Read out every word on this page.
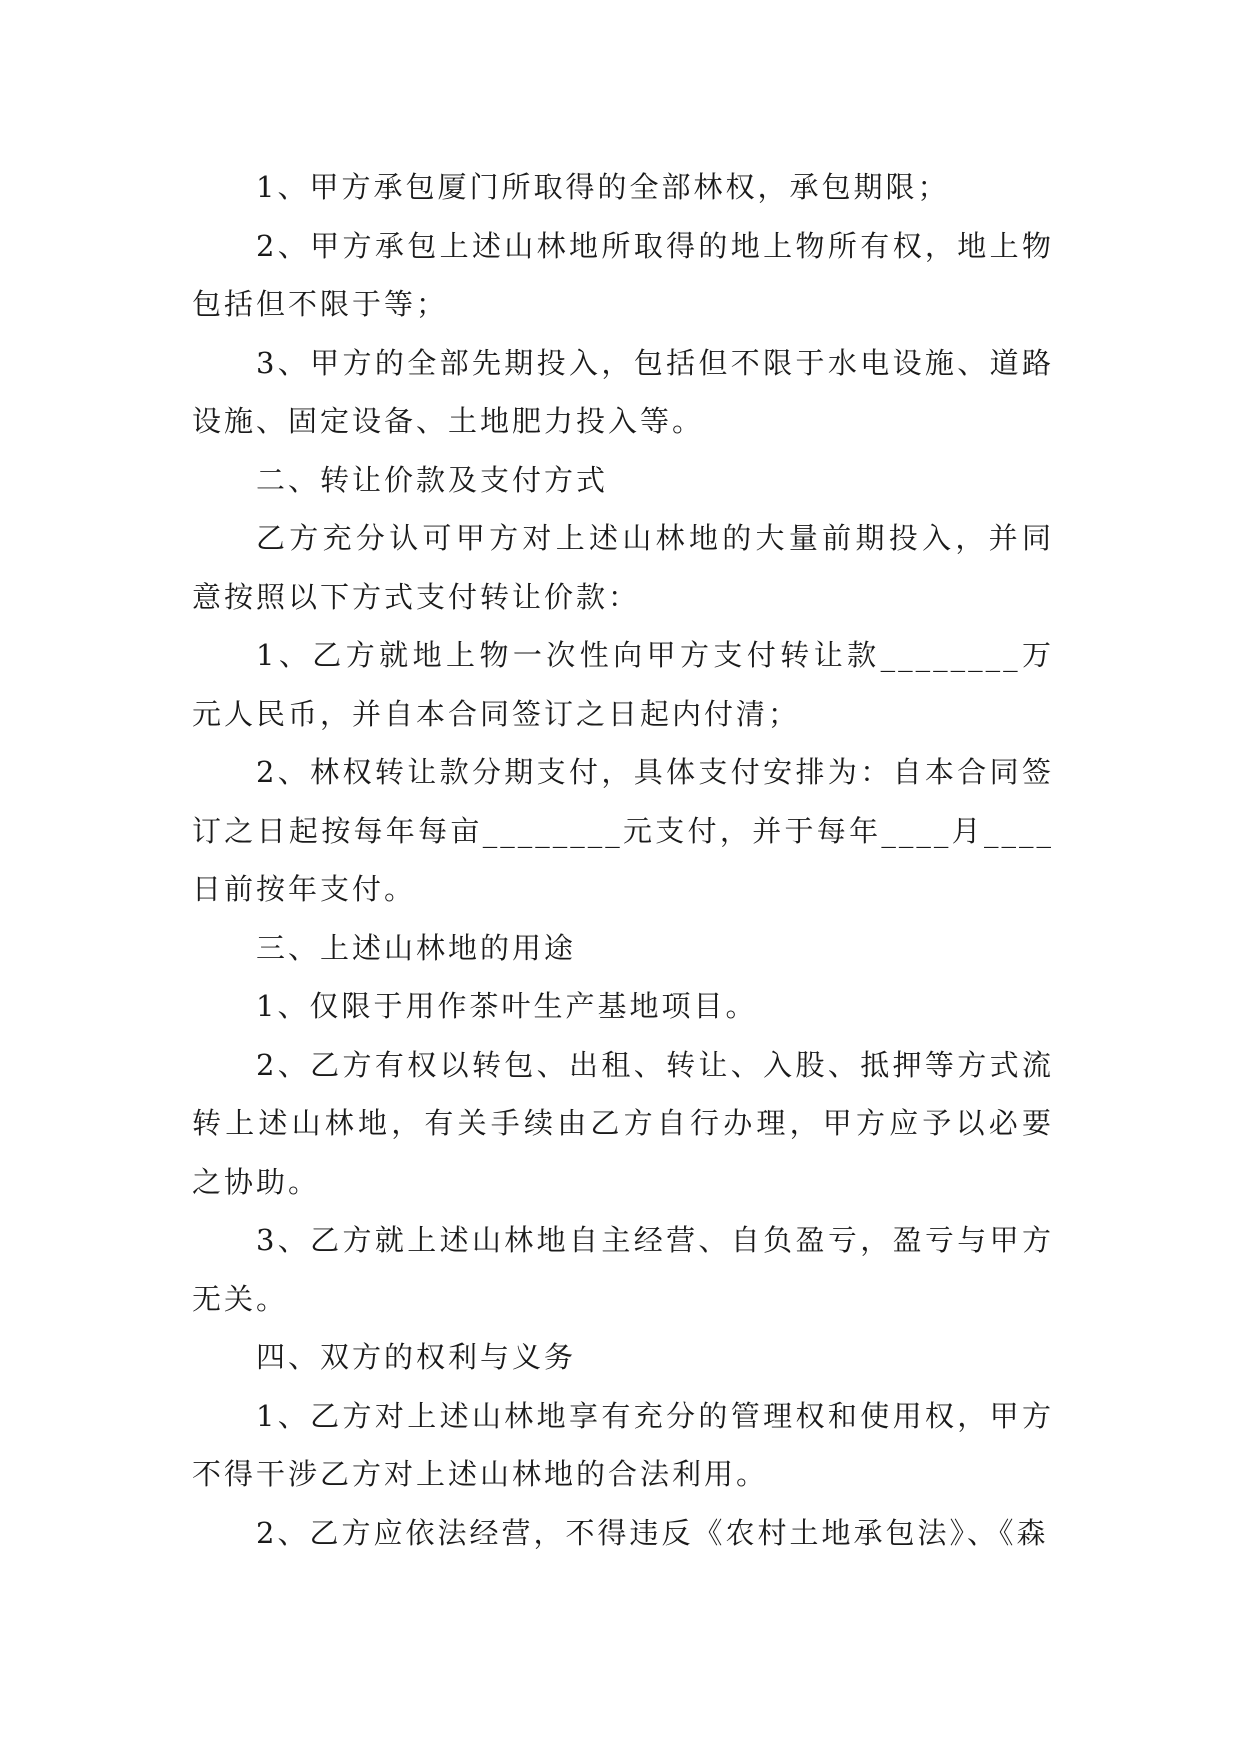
1、甲方承包厦门所取得的全部林权，承包期限；

2、甲方承包上述山林地所取得的地上物所有权，地上物包括但不限于等；

3、甲方的全部先期投入，包括但不限于水电设施、道路设施、固定设备、土地肥力投入等。

二、转让价款及支付方式

乙方充分认可甲方对上述山林地的大量前期投入，并同意按照以下方式支付转让价款：

1、乙方就地上物一次性向甲方支付转让款________万元人民币，并自本合同签订之日起内付清；

2、林权转让款分期支付，具体支付安排为：自本合同签订之日起按每年每亩________元支付，并于每年____月____日前按年支付。

三、上述山林地的用途

1、仅限于用作茶叶生产基地项目。

2、乙方有权以转包、出租、转让、入股、抵押等方式流转上述山林地，有关手续由乙方自行办理，甲方应予以必要之协助。

3、乙方就上述山林地自主经营、自负盈亏，盈亏与甲方无关。

四、双方的权利与义务

1、乙方对上述山林地享有充分的管理权和使用权，甲方不得干涉乙方对上述山林地的合法利用。

2、乙方应依法经营，不得违反《农村土地承包法》、《森
